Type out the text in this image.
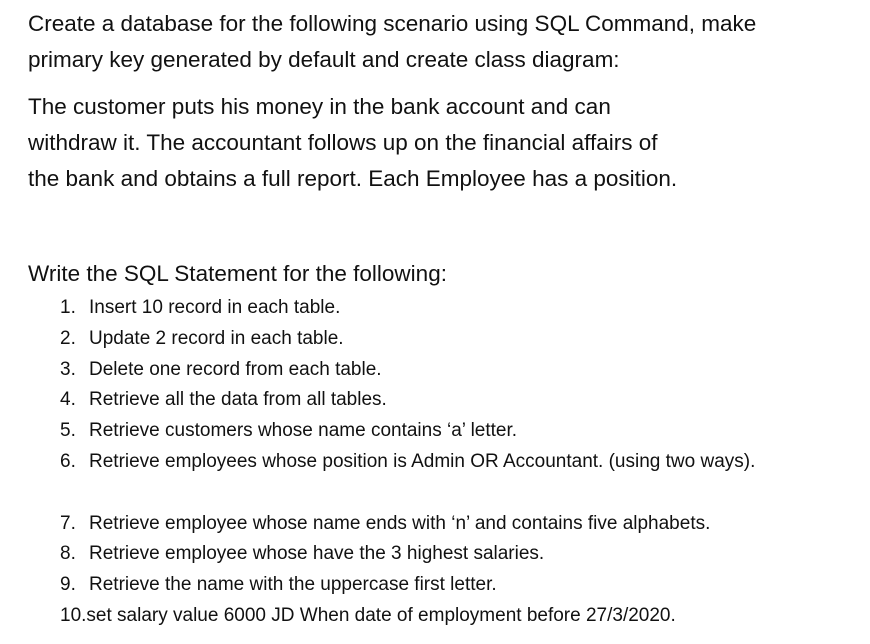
Create a database for the following scenario using SQL Command, make
primary key generated by default and create class diagram:

The customer puts his money in the bank account and can
withdraw it. The accountant follows up on the financial affairs of
the bank and obtains a full report. Each Employee has a position.

Write the SQL Statement for the following:

1. Insert 10 record in each table.
2. Update 2 record in each table.
3. Delete one record from each table.
4. Retrieve all the data from all tables.
5. Retrieve customers whose name contains ‘a’ letter.
6. Retrieve employees whose position is Admin OR Accountant. (using two ways).
7. Retrieve employee whose name ends with ‘n’ and contains five alphabets.
8. Retrieve employee whose have the 3 highest salaries.
9. Retrieve the name with the uppercase first letter.
10. set salary value 6000 JD When date of employment before 27/3/2020.
